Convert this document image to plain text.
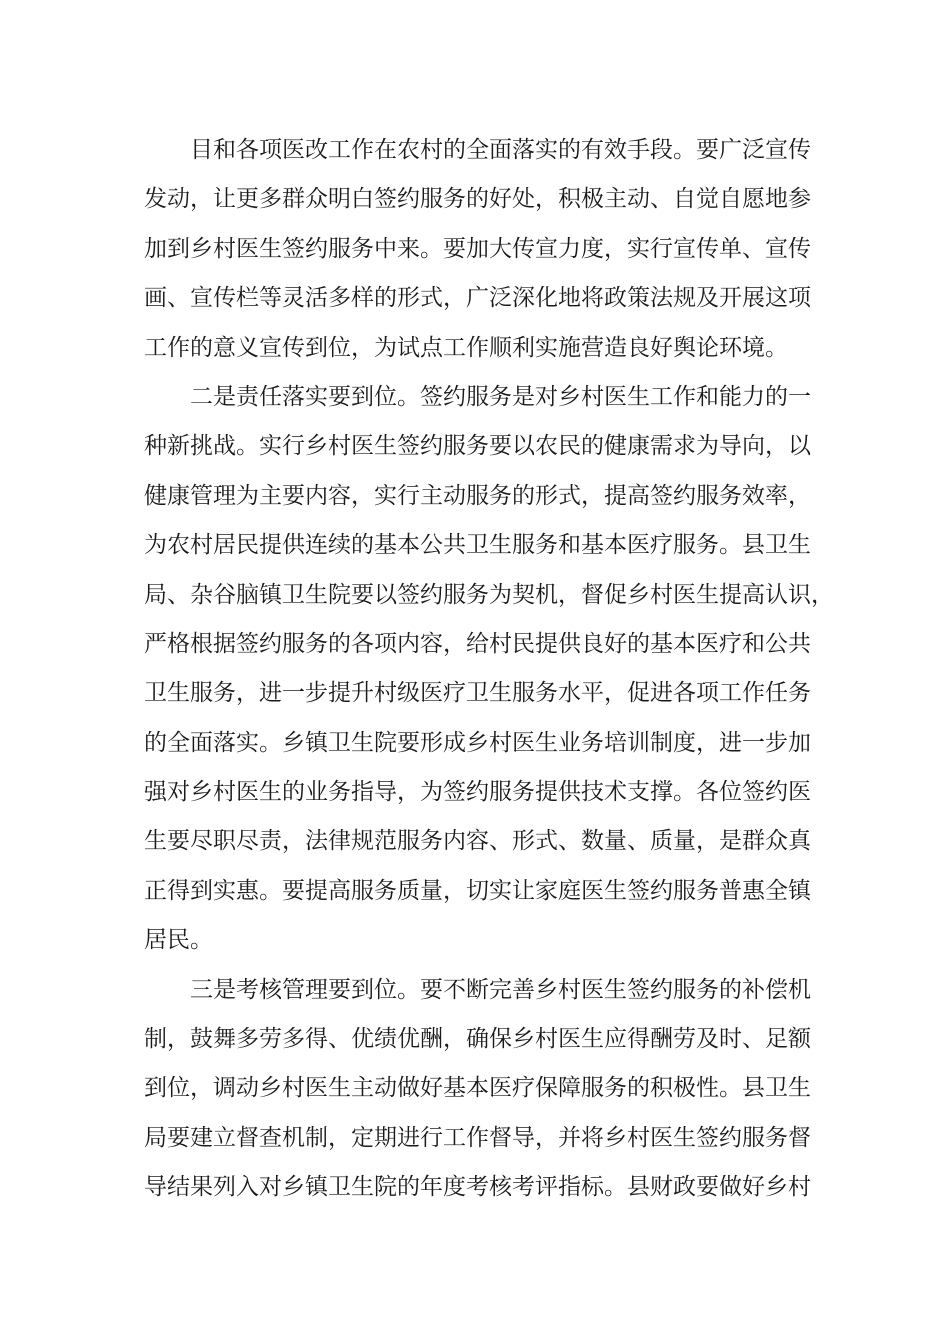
目和各项医改工作在农村的全面落实的有效手段。要广泛宣传
发动，让更多群众明白签约服务的好处，积极主动、自觉自愿地参
加到乡村医生签约服务中来。要加大传宣力度，实行宣传单、宣传
画、宣传栏等灵活多样的形式，广泛深化地将政策法规及开展这项
工作的意义宣传到位，为试点工作顺利实施营造良好舆论环境。
二是责任落实要到位。签约服务是对乡村医生工作和能力的一
种新挑战。实行乡村医生签约服务要以农民的健康需求为导向，以
健康管理为主要内容，实行主动服务的形式，提高签约服务效率，
为农村居民提供连续的基本公共卫生服务和基本医疗服务。县卫生
局、杂谷脑镇卫生院要以签约服务为契机，督促乡村医生提高认识，
严格根据签约服务的各项内容，给村民提供良好的基本医疗和公共
卫生服务，进一步提升村级医疗卫生服务水平，促进各项工作任务
的全面落实。乡镇卫生院要形成乡村医生业务培训制度，进一步加
强对乡村医生的业务指导，为签约服务提供技术支撑。各位签约医
生要尽职尽责，法律规范服务内容、形式、数量、质量，是群众真
正得到实惠。要提高服务质量，切实让家庭医生签约服务普惠全镇
居民。
三是考核管理要到位。要不断完善乡村医生签约服务的补偿机
制，鼓舞多劳多得、优绩优酬，确保乡村医生应得酬劳及时、足额
到位，调动乡村医生主动做好基本医疗保障服务的积极性。县卫生
局要建立督查机制，定期进行工作督导，并将乡村医生签约服务督
导结果列入对乡镇卫生院的年度考核考评指标。县财政要做好乡村
